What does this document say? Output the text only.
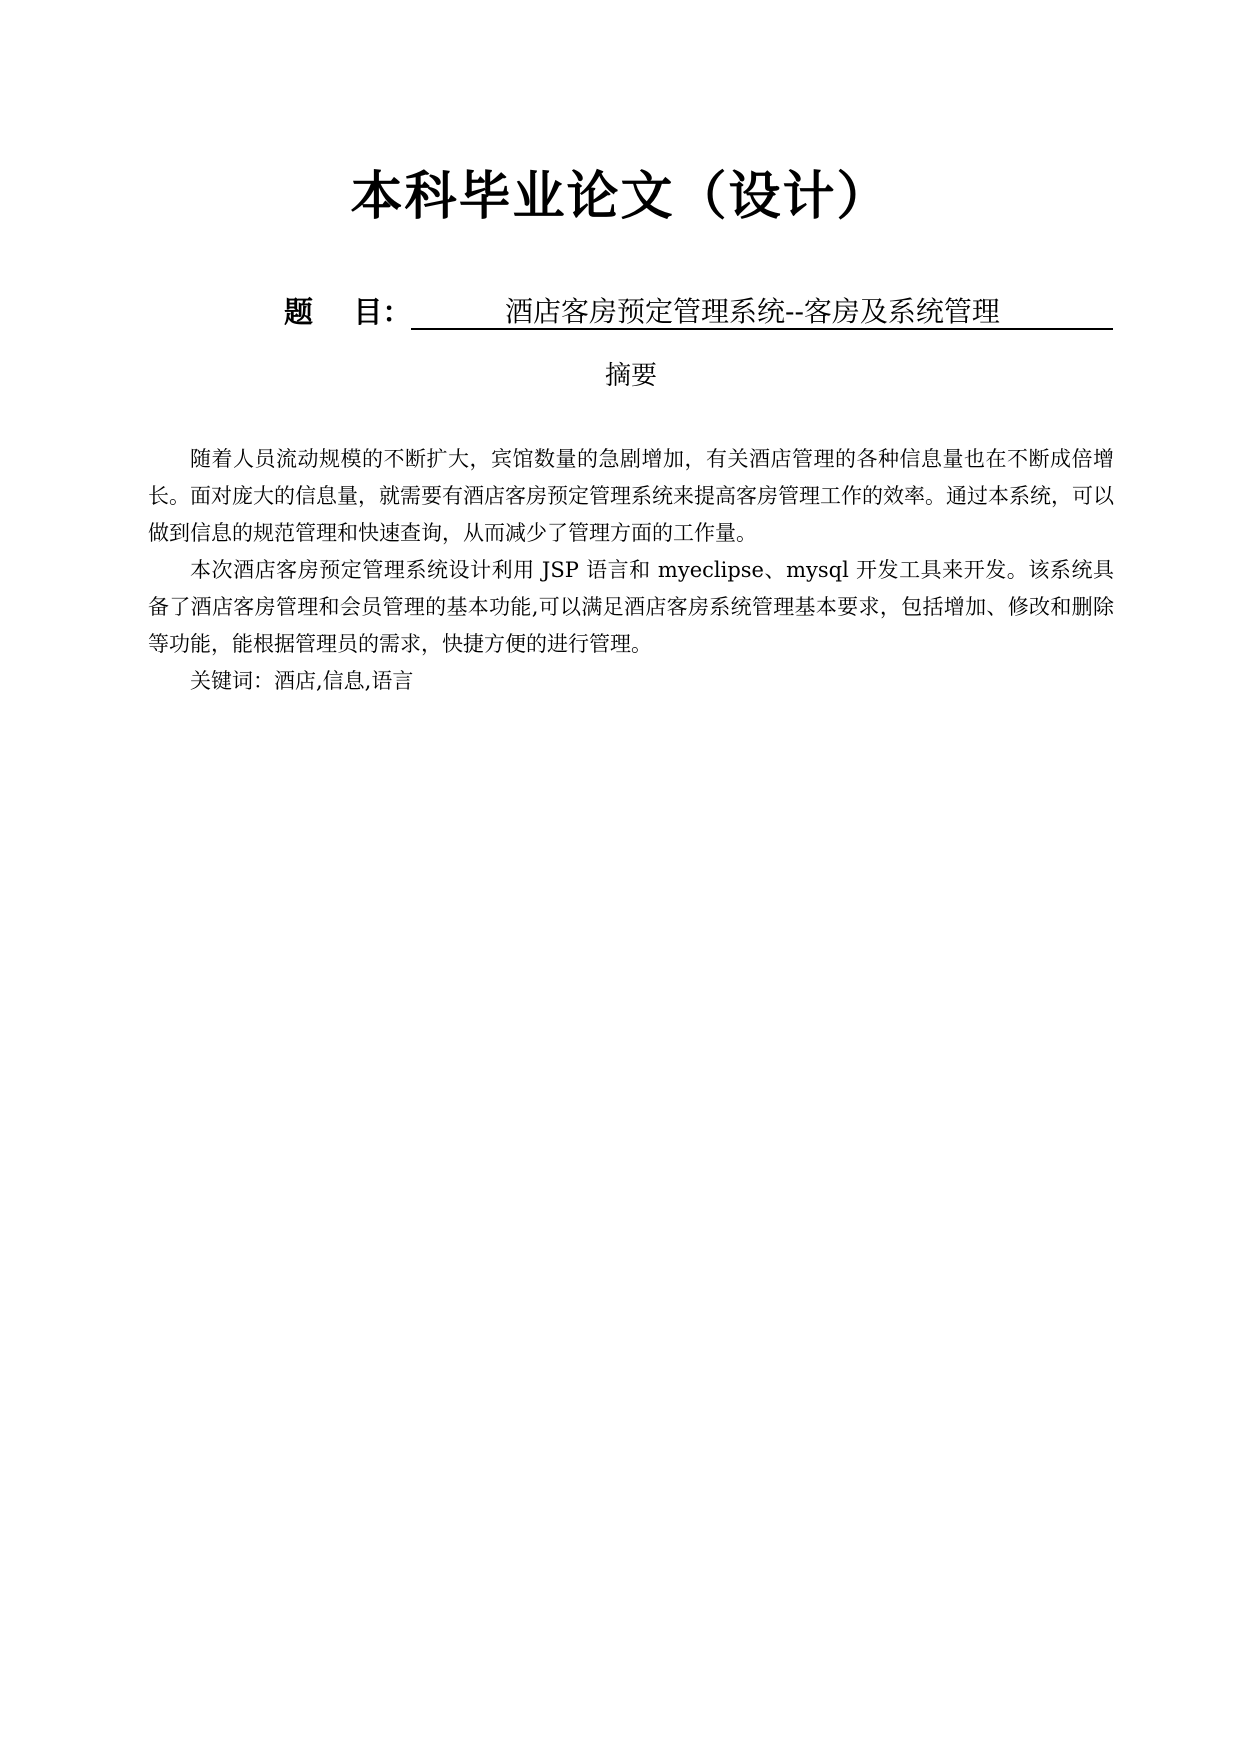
本科毕业论文（设计）
题    目：	酒店客房预定管理系统--客房及系统管理
摘要

随着人员流动规模的不断扩大，宾馆数量的急剧增加，有关酒店管理的各种信息量也在不断成倍增长。面对庞大的信息量，就需要有酒店客房预定管理系统来提高客房管理工作的效率。通过本系统，可以做到信息的规范管理和快速查询，从而减少了管理方面的工作量。

本次酒店客房预定管理系统设计利用 JSP 语言和 myeclipse、mysql 开发工具来开发。该系统具备了酒店客房管理和会员管理的基本功能,可以满足酒店客房系统管理基本要求，包括增加、修改和删除等功能，能根据管理员的需求，快捷方便的进行管理。

关键词：酒店,信息,语言
